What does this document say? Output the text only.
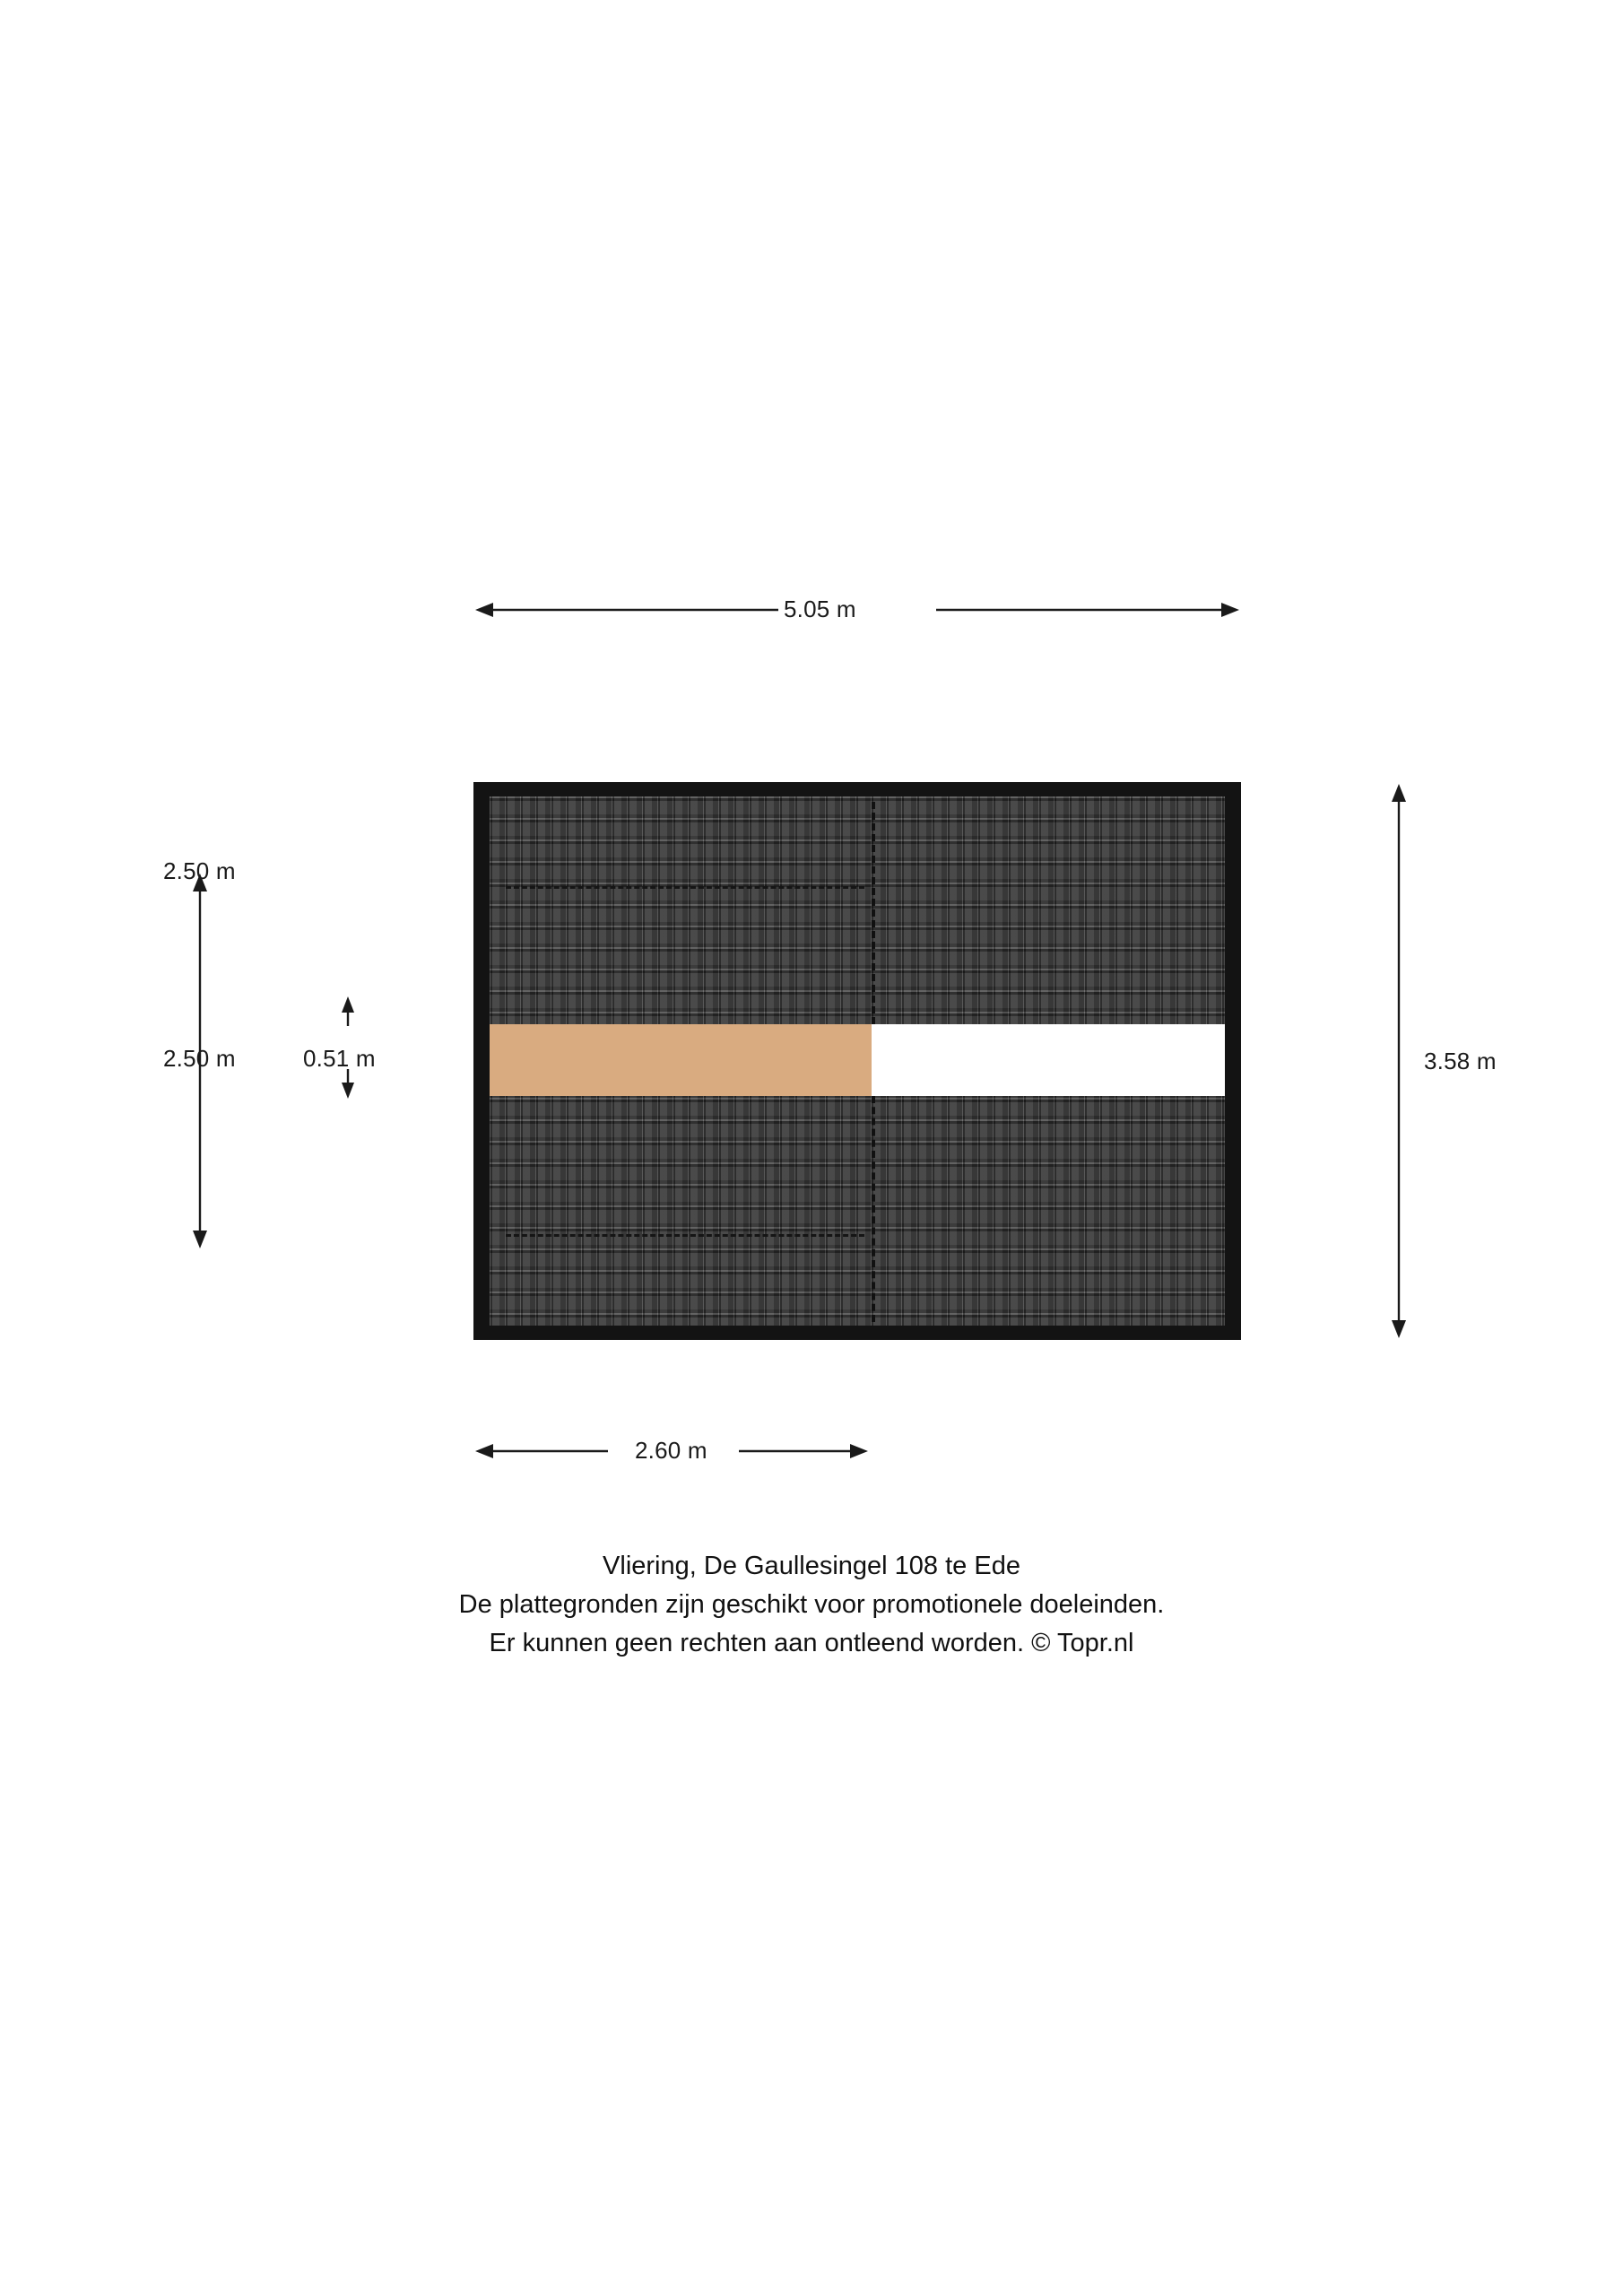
5.05 m
3.58 m
2.50 m
2.50 m	0.51 m
2.60 m
Vliering, De Gaullesingel 108 te Ede
De plattegronden zijn geschikt voor promotionele doeleinden.
Er kunnen geen rechten aan ontleend worden. © Topr.nl
